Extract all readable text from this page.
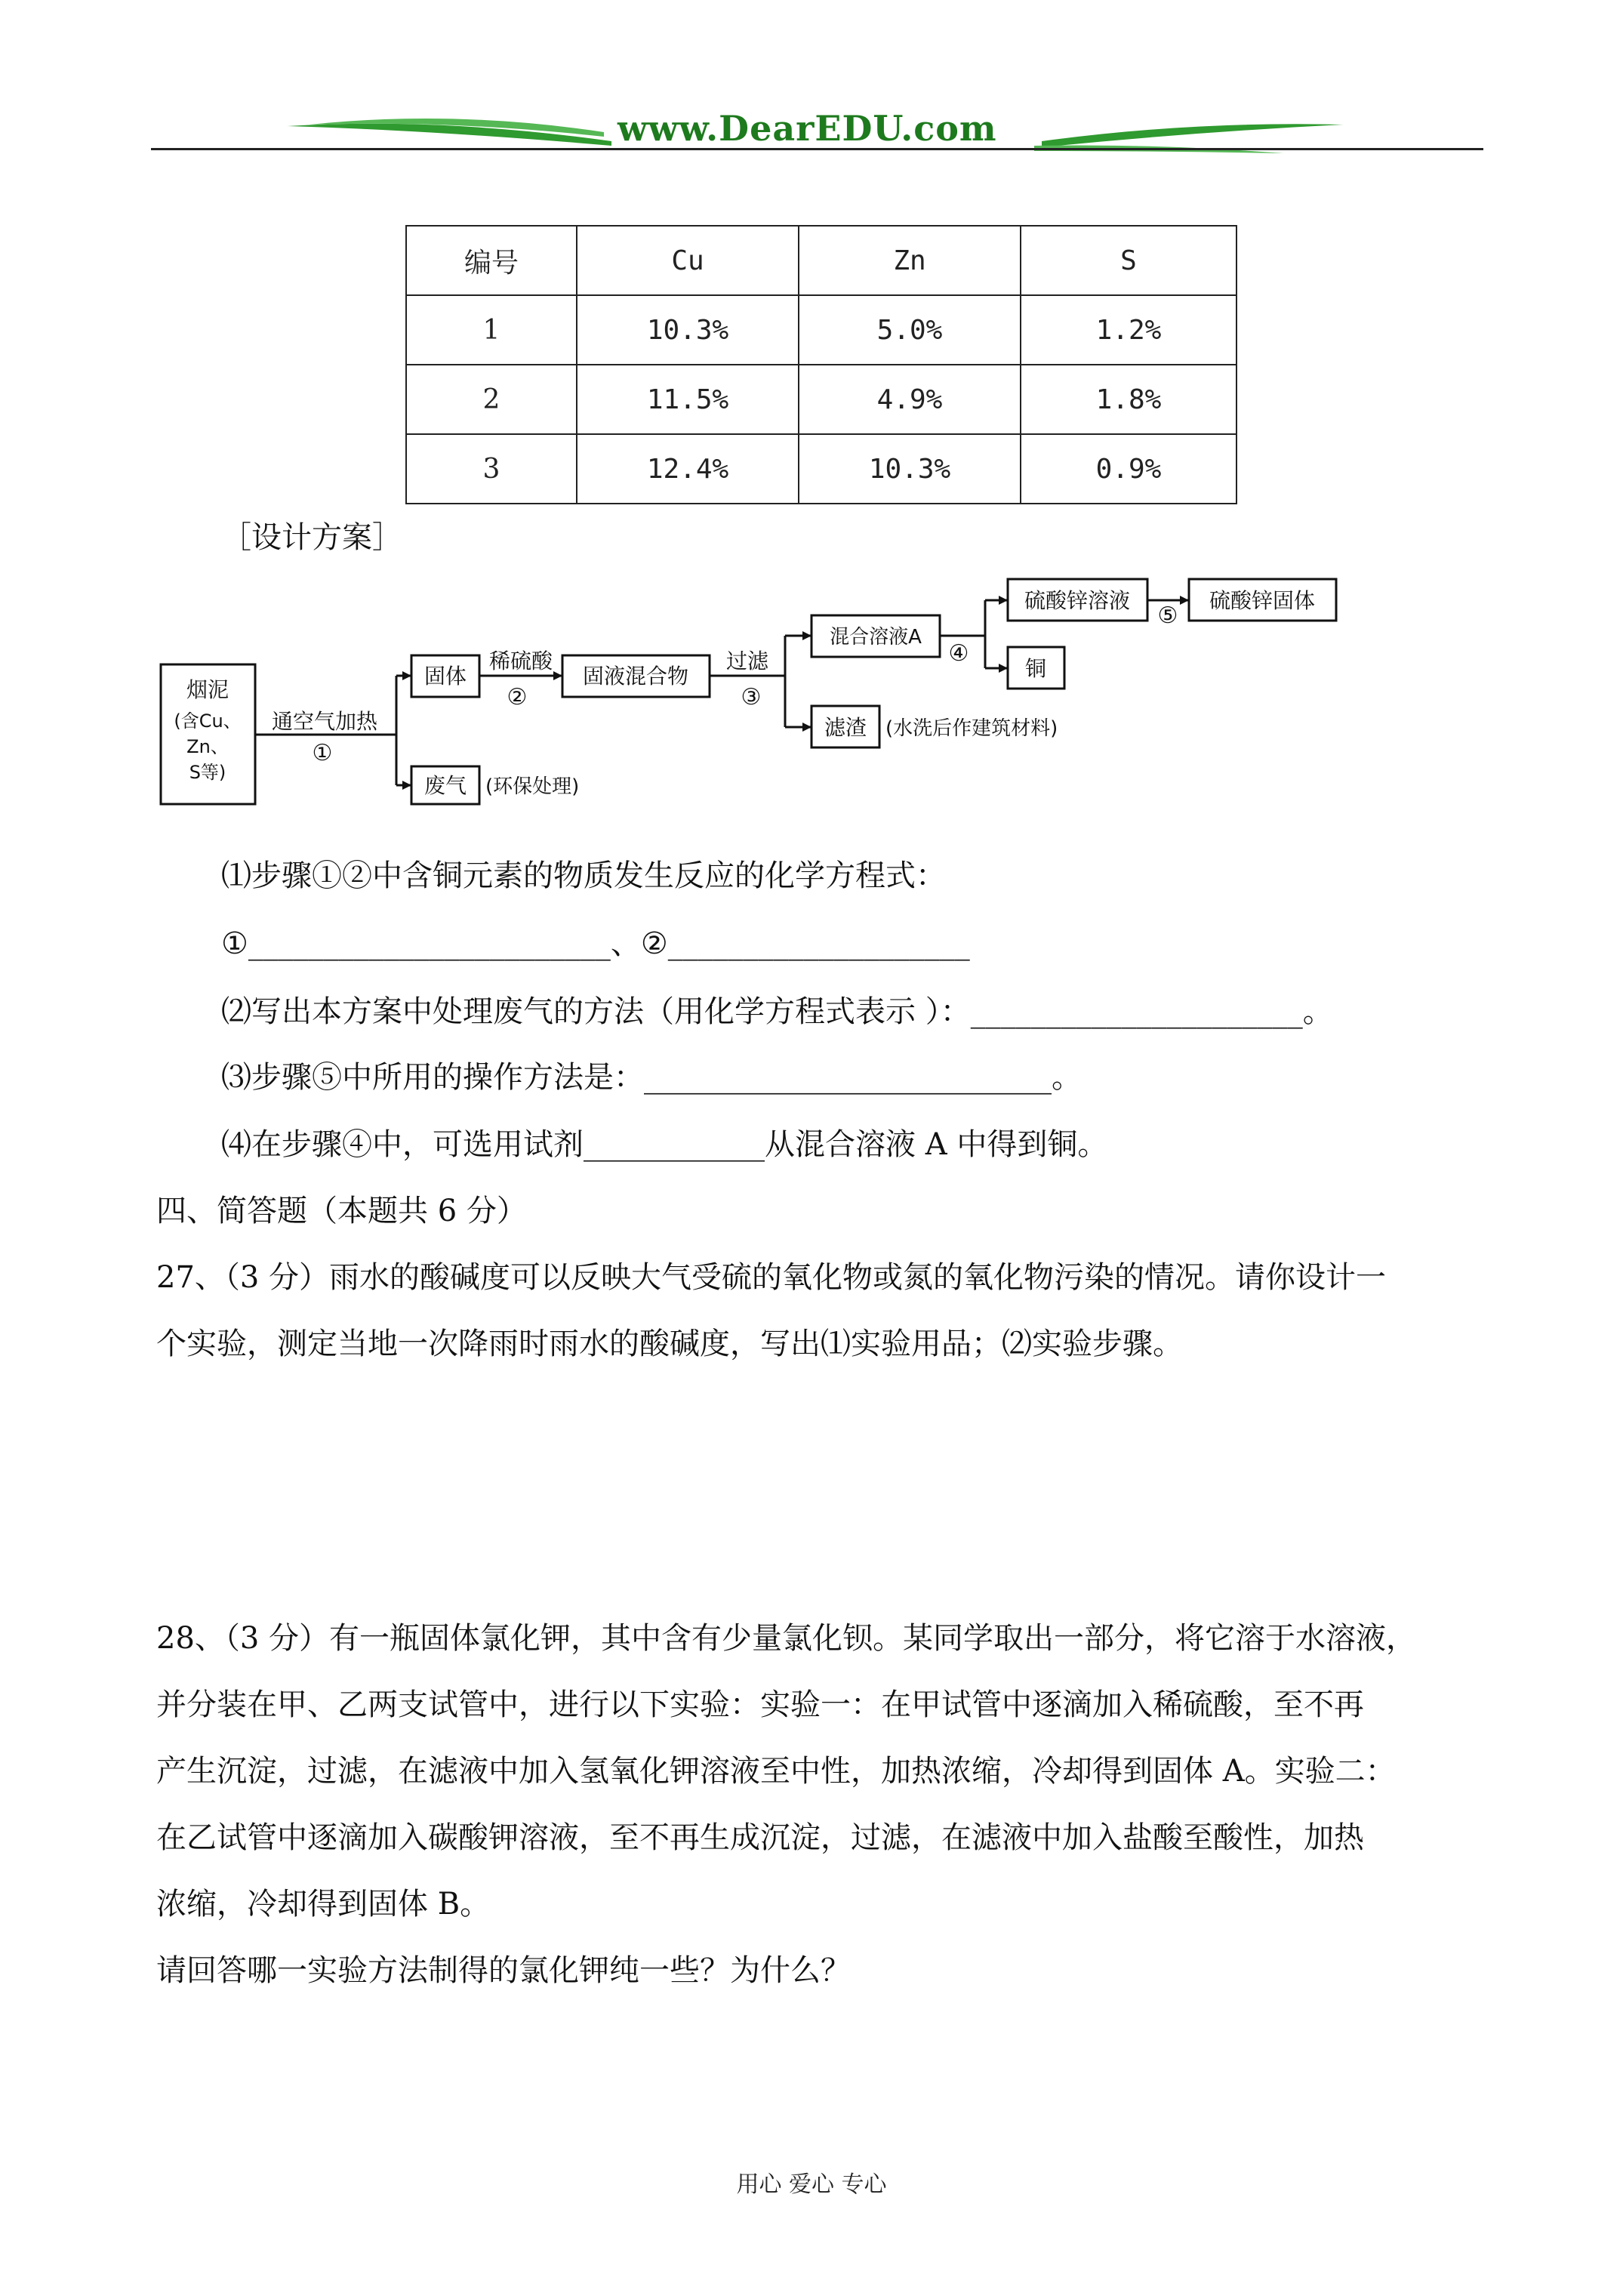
www.DearEDU.com
编号	Cu	Zn	S
1	10.3%	5.0%	1.2%
2	11.5%	4.9%	1.8%
3	12.4%	10.3%	0.9%
［设计方案］
烟泥
(含Cu、
Zn、
S等)
通空气加热
①
固体
稀硫酸
②
固液混合物
过滤
③
混合溶液A
④
硫酸锌溶液
⑤
硫酸锌固体
铜
滤渣 (水洗后作建筑材料)
废气 (环保处理)
⑴步骤①②中含铜元素的物质发生反应的化学方程式：
①________________________、②____________________
⑵写出本方案中处理废气的方法（用化学方程式表示 ）：______________________。
⑶步骤⑤中所用的操作方法是：___________________________。
⑷在步骤④中，可选用试剂____________从混合溶液 A 中得到铜。
四、简答题（本题共 6 分）
27、（3 分）雨水的酸碱度可以反映大气受硫的氧化物或氮的氧化物污染的情况。请你设计一
个实验，测定当地一次降雨时雨水的酸碱度，写出⑴实验用品；⑵实验步骤。
28、（3 分）有一瓶固体氯化钾，其中含有少量氯化钡。某同学取出一部分，将它溶于水溶液，
并分装在甲、乙两支试管中，进行以下实验：实验一：在甲试管中逐滴加入稀硫酸，至不再
产生沉淀，过滤，在滤液中加入氢氧化钾溶液至中性，加热浓缩，冷却得到固体 A。实验二：
在乙试管中逐滴加入碳酸钾溶液，至不再生成沉淀，过滤，在滤液中加入盐酸至酸性，加热
浓缩，冷却得到固体 B。
请回答哪一实验方法制得的氯化钾纯一些？为什么？
用心 爱心 专心
